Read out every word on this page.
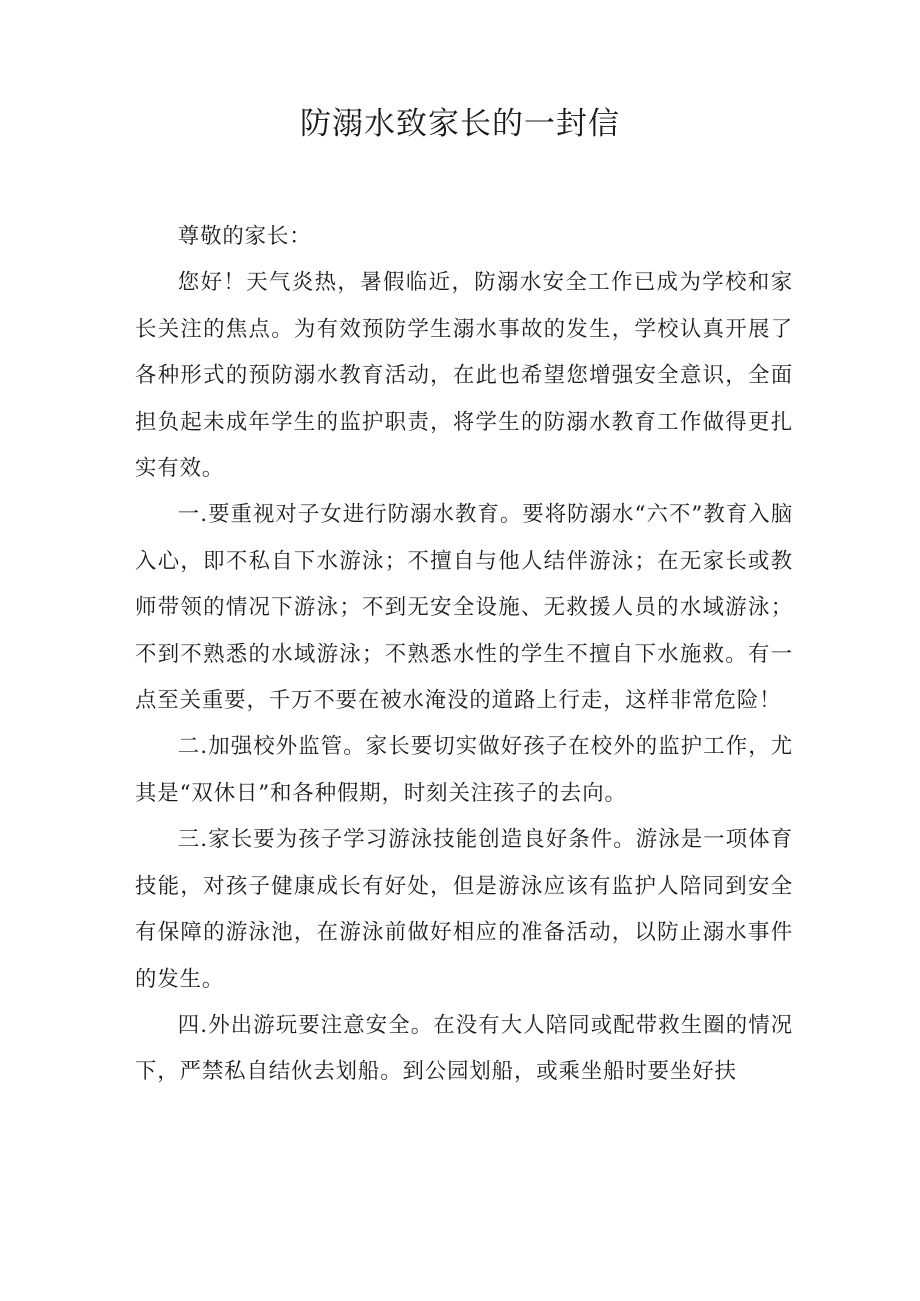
防溺水致家长的一封信

尊敬的家长：

您好！天气炎热，暑假临近，防溺水安全工作已成为学校和家长关注的焦点。为有效预防学生溺水事故的发生，学校认真开展了各种形式的预防溺水教育活动，在此也希望您增强安全意识，全面担负起未成年学生的监护职责，将学生的防溺水教育工作做得更扎实有效。

一.要重视对子女进行防溺水教育。要将防溺水“六不”教育入脑入心，即不私自下水游泳；不擅自与他人结伴游泳；在无家长或教师带领的情况下游泳；不到无安全设施、无救援人员的水域游泳；不到不熟悉的水域游泳；不熟悉水性的学生不擅自下水施救。有一点至关重要，千万不要在被水淹没的道路上行走，这样非常危险！

二.加强校外监管。家长要切实做好孩子在校外的监护工作，尤其是“双休日”和各种假期，时刻关注孩子的去向。

三.家长要为孩子学习游泳技能创造良好条件。游泳是一项体育技能，对孩子健康成长有好处，但是游泳应该有监护人陪同到安全有保障的游泳池，在游泳前做好相应的准备活动，以防止溺水事件的发生。

四.外出游玩要注意安全。在没有大人陪同或配带救生圈的情况下，严禁私自结伙去划船。到公园划船，或乘坐船时要坐好扶
